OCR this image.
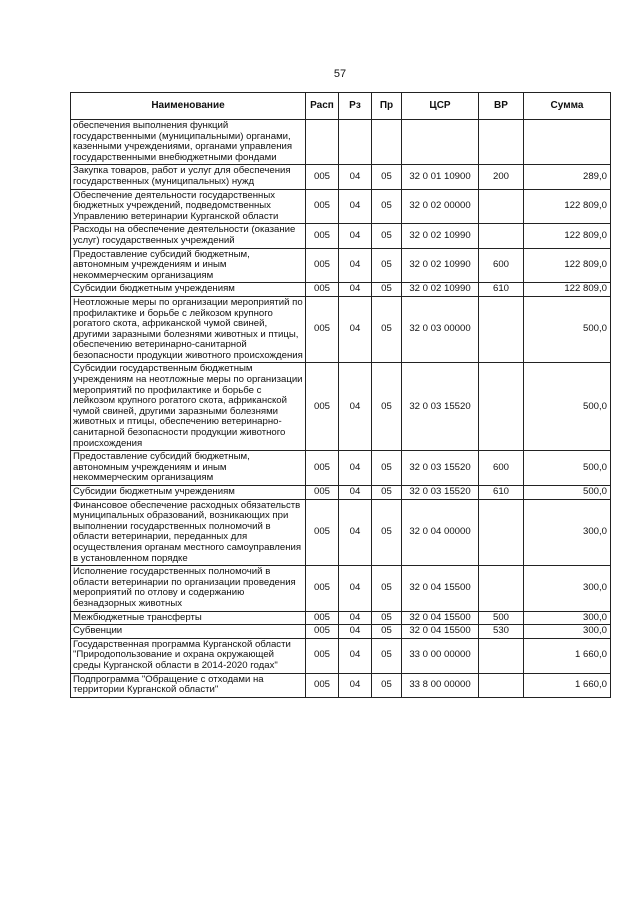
57
Наименование	Расп	Рз	Пр	ЦСР	ВР	Сумма
обеспечения выполнения функций государственными (муниципальными) органами, казенными учреждениями, органами управления государственными внебюджетными фондами						
Закупка товаров, работ и услуг для обеспечения государственных (муниципальных) нужд	005	04	05	32 0 01 10900	200	289,0
Обеспечение деятельности государственных бюджетных учреждений, подведомственных Управлению ветеринарии Курганской области	005	04	05	32 0 02 00000		122 809,0
Расходы на обеспечение деятельности (оказание услуг) государственных учреждений	005	04	05	32 0 02 10990		122 809,0
Предоставление субсидий бюджетным, автономным учреждениям и иным некоммерческим организациям	005	04	05	32 0 02 10990	600	122 809,0
Субсидии бюджетным учреждениям	005	04	05	32 0 02 10990	610	122 809,0
Неотложные меры по организации мероприятий по профилактике и борьбе с лейкозом крупного рогатого скота, африканской чумой свиней, другими заразными болезнями животных и птицы, обеспечению ветеринарно-санитарной безопасности продукции животного происхождения	005	04	05	32 0 03 00000		500,0
Субсидии государственным бюджетным учреждениям на неотложные меры по организации мероприятий по профилактике и борьбе с лейкозом крупного рогатого скота, африканской чумой свиней, другими заразными болезнями животных и птицы, обеспечению ветеринарно-санитарной безопасности продукции животного происхождения	005	04	05	32 0 03 15520		500,0
Предоставление субсидий бюджетным, автономным учреждениям и иным некоммерческим организациям	005	04	05	32 0 03 15520	600	500,0
Субсидии бюджетным учреждениям	005	04	05	32 0 03 15520	610	500,0
Финансовое обеспечение расходных обязательств муниципальных образований, возникающих при выполнении государственных полномочий в области ветеринарии, переданных для осуществления органам местного самоуправления в установленном порядке	005	04	05	32 0 04 00000		300,0
Исполнение государственных полномочий в области ветеринарии по организации проведения мероприятий по отлову и содержанию безнадзорных животных	005	04	05	32 0 04 15500		300,0
Межбюджетные трансферты	005	04	05	32 0 04 15500	500	300,0
Субвенции	005	04	05	32 0 04 15500	530	300,0
Государственная программа Курганской области "Природопользование и охрана окружающей среды Курганской области в 2014-2020 годах"	005	04	05	33 0 00 00000		1 660,0
Подпрограмма "Обращение с отходами на территории Курганской области"	005	04	05	33 8 00 00000		1 660,0
